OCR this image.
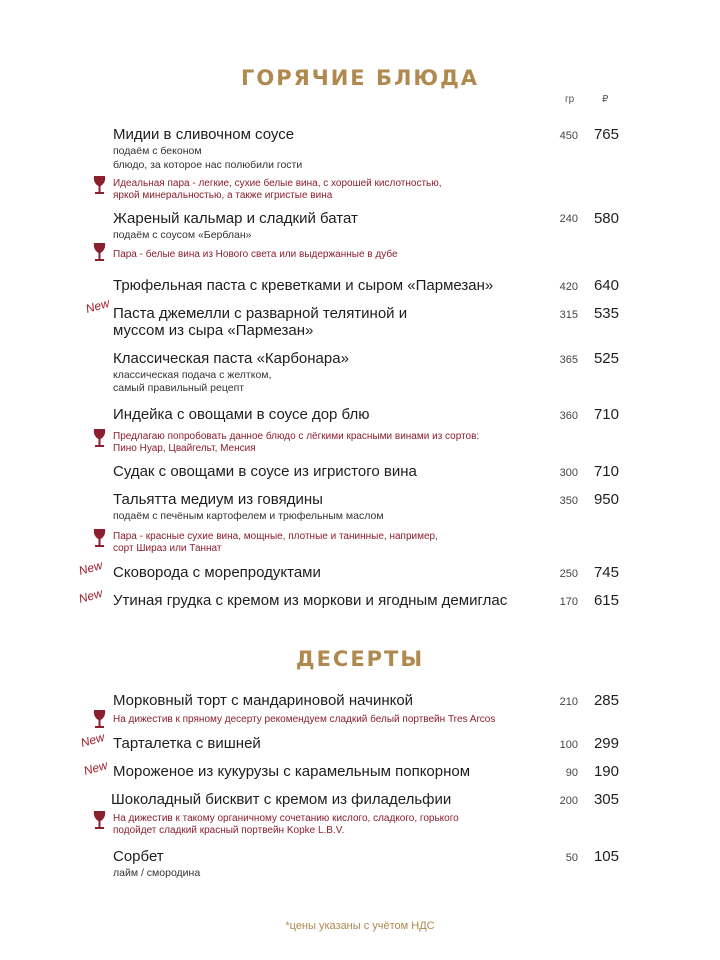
ГОРЯЧИЕ БЛЮДА
гр	₽
Мидии в сливочном соусе
подаём с беконом
блюдо, за которое нас полюбили гости
450	765
Идеальная пара - легкие, сухие белые вина, с хорошей кислотностью,
яркой минеральностью, а также игристые вина
Жареный кальмар и сладкий батат
подаём с соусом «Берблан»
240	580
Пара - белые вина из Нового света или выдержанные в дубе
Трюфельная паста с креветками и сыром «Пармезан»	420	640
New Паста джемелли с разварной телятиной и
муссом из сыра «Пармезан»
315	535
Классическая паста «Карбонара»
классическая подача с желтком,
самый правильный рецепт
365	525
Индейка с овощами в соусе дор блю	360	710
Предлагаю попробовать данное блюдо с лёгкими красными винами из сортов:
Пино Нуар, Цвайгельт, Менсия
Судак с овощами в соусе из игристого вина	300	710
Тальятта медиум из говядины
подаём с печёным картофелем и трюфельным маслом
350	950
Пара - красные сухие вина, мощные, плотные и танинные, например,
сорт Шираз или Таннат
New Сковорода с морепродуктами	250	745
New Утиная грудка с кремом из моркови и ягодным демиглас	170	615
ДЕСЕРТЫ
Морковный торт с мандариновой начинкой	210	285
На дижестив к пряному десерту рекомендуем сладкий белый портвейн Tres Arcos
New Тарталетка с вишней	100	299
New Мороженое из кукурузы с карамельным попкорном	90	190
Шоколадный бисквит с кремом из филадельфии	200	305
На дижестив к такому органичному сочетанию кислого, сладкого, горького
подойдет сладкий красный портвейн Kopke L.B.V.
Сорбет
лайм / смородина
50	105
*цены указаны с учётом НДС
